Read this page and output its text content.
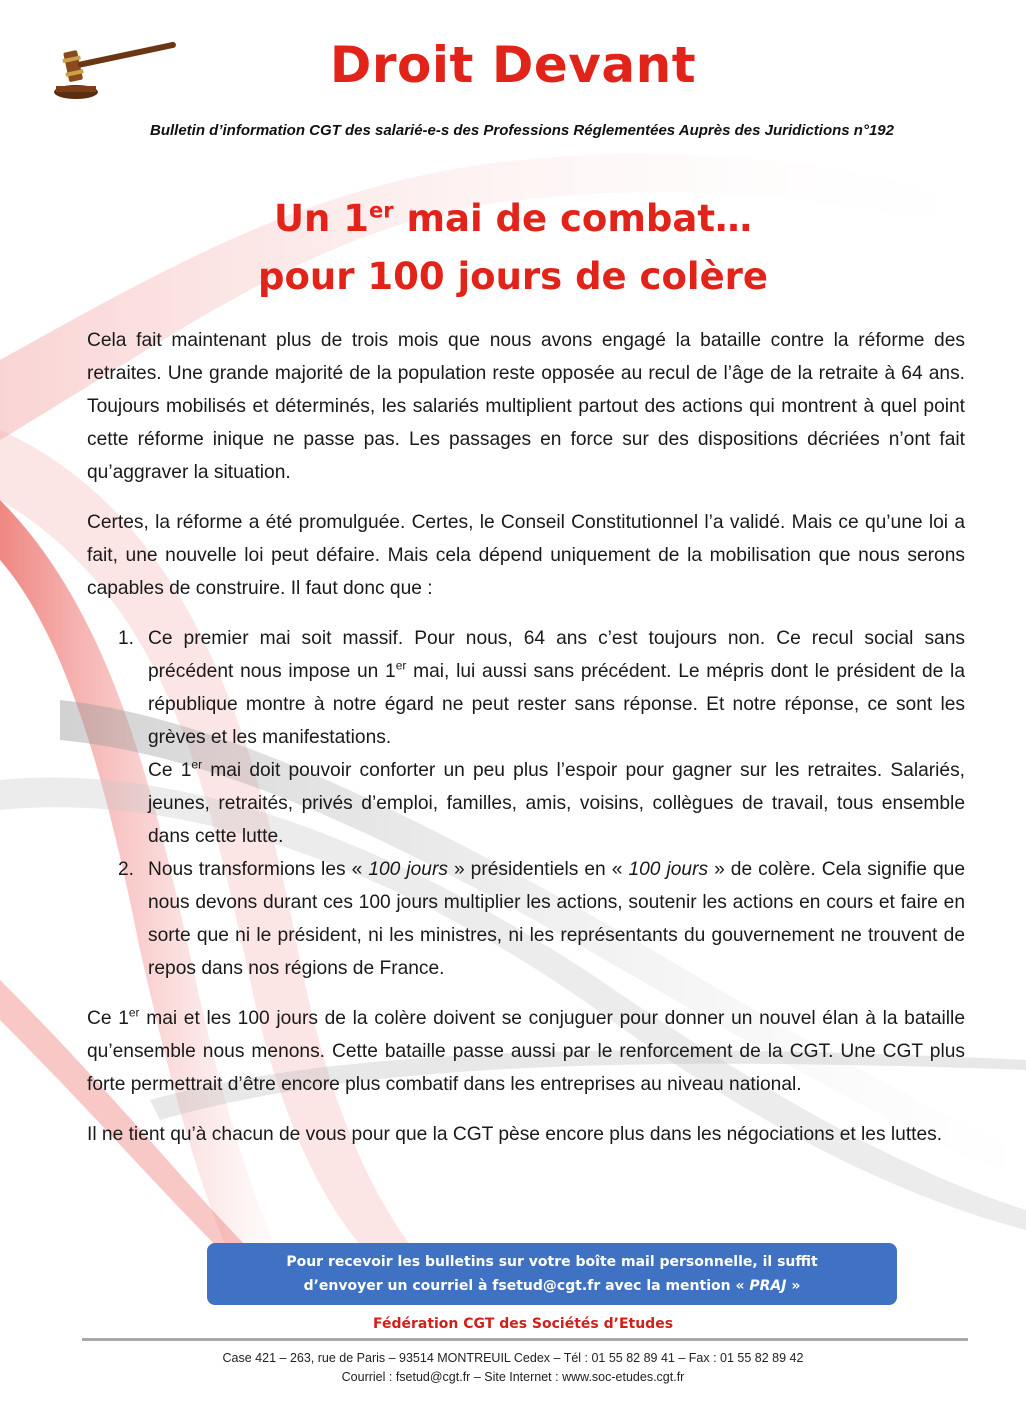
Droit Devant
Bulletin d’information CGT des salarié-e-s des Professions Réglementées Auprès des Juridictions n°192
Un 1er mai de combat…
pour 100 jours de colère

Cela fait maintenant plus de trois mois que nous avons engagé la bataille contre la réforme des retraites. Une grande majorité de la population reste opposée au recul de l’âge de la retraite à 64 ans. Toujours mobilisés et déterminés, les salariés multiplient partout des actions qui montrent à quel point cette réforme inique ne passe pas. Les passages en force sur des dispositions décriées n’ont fait qu’aggraver la situation.

Certes, la réforme a été promulguée. Certes, le Conseil Constitutionnel l’a validé. Mais ce qu’une loi a fait, une nouvelle loi peut défaire. Mais cela dépend uniquement de la mobilisation que nous serons capables de construire. Il faut donc que :

1. Ce premier mai soit massif. Pour nous, 64 ans c’est toujours non. Ce recul social sans précédent nous impose un 1er mai, lui aussi sans précédent. Le mépris dont le président de la république montre à notre égard ne peut rester sans réponse. Et notre réponse, ce sont les grèves et les manifestations.
Ce 1er mai doit pouvoir conforter un peu plus l’espoir pour gagner sur les retraites. Salariés, jeunes, retraités, privés d’emploi, familles, amis, voisins, collègues de travail, tous ensemble dans cette lutte.
2. Nous transformions les « 100 jours » présidentiels en « 100 jours » de colère. Cela signifie que nous devons durant ces 100 jours multiplier les actions, soutenir les actions en cours et faire en sorte que ni le président, ni les ministres, ni les représentants du gouvernement ne trouvent de repos dans nos régions de France.

Ce 1er mai et les 100 jours de la colère doivent se conjuguer pour donner un nouvel élan à la bataille qu’ensemble nous menons. Cette bataille passe aussi par le renforcement de la CGT. Une CGT plus forte permettrait d’être encore plus combatif dans les entreprises au niveau national.

Il ne tient qu’à chacun de vous pour que la CGT pèse encore plus dans les négociations et les luttes.

Pour recevoir les bulletins sur votre boîte mail personnelle, il suffit
d’envoyer un courriel à fsetud@cgt.fr avec la mention « PRAJ »
Fédération CGT des Sociétés d’Etudes
Case 421 – 263, rue de Paris – 93514 MONTREUIL Cedex – Tél : 01 55 82 89 41 – Fax : 01 55 82 89 42
Courriel : fsetud@cgt.fr – Site Internet : www.soc-etudes.cgt.fr
